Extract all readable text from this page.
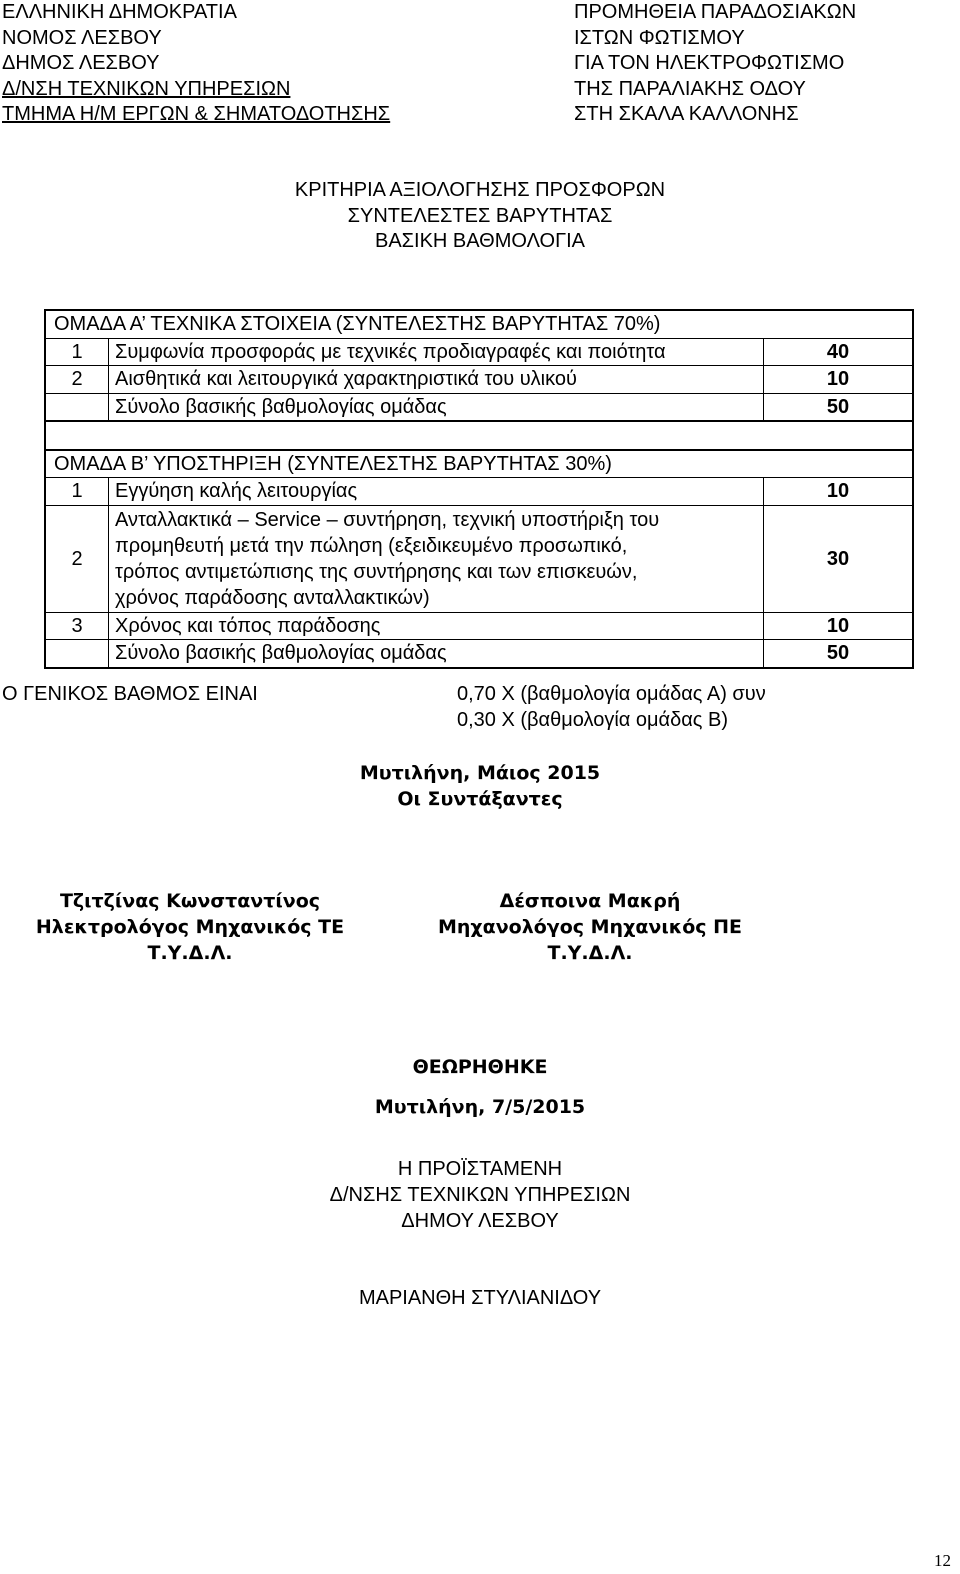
ΕΛΛΗΝΙΚΗ ΔΗΜΟΚΡΑΤΙΑ
ΝΟΜΟΣ ΛΕΣΒΟΥ
ΔΗΜΟΣ ΛΕΣΒΟΥ
Δ/ΝΣΗ ΤΕΧΝΙΚΩΝ ΥΠΗΡΕΣΙΩΝ
ΤΜΗΜΑ Η/Μ ΕΡΓΩΝ & ΣΗΜΑΤΟΔΟΤΗΣΗΣ
ΠΡΟΜΗΘΕΙΑ ΠΑΡΑΔΟΣΙΑΚΩΝ
ΙΣΤΩΝ ΦΩΤΙΣΜΟΥ
ΓΙΑ ΤΟΝ ΗΛΕΚΤΡΟΦΩΤΙΣΜΟ
ΤΗΣ ΠΑΡΑΛΙΑΚΗΣ ΟΔΟΥ
ΣΤΗ ΣΚΑΛΑ ΚΑΛΛΟΝΗΣ
ΚΡΙΤΗΡΙΑ ΑΞΙΟΛΟΓΗΣΗΣ ΠΡΟΣΦΟΡΩΝ
ΣΥΝΤΕΛΕΣΤΕΣ ΒΑΡΥΤΗΤΑΣ
ΒΑΣΙΚΗ ΒΑΘΜΟΛΟΓΙΑ
ΟΜΑΔΑ Α’ ΤΕΧΝΙΚΑ ΣΤΟΙΧΕΙΑ (ΣΥΝΤΕΛΕΣΤΗΣ ΒΑΡΥΤΗΤΑΣ 70%)		
1	Συμφωνία προσφοράς με τεχνικές προδιαγραφές και ποιότητα	40
2	Αισθητικά και λειτουργικά χαρακτηριστικά του υλικού	10
	Σύνολο βασικής βαθμολογίας ομάδας	50

ΟΜΑΔΑ Β’ ΥΠΟΣΤΗΡΙΞΗ (ΣΥΝΤΕΛΕΣΤΗΣ ΒΑΡΥΤΗΤΑΣ 30%)		
1	Εγγύηση καλής λειτουργίας	10
2	Ανταλλακτικά – Service – συντήρηση, τεχνική υποστήριξη του
προμηθευτή μετά την πώληση (εξειδικευμένο προσωπικό,
τρόπος αντιμετώπισης της συντήρησης και των επισκευών,
χρόνος παράδοσης ανταλλακτικών)	30
3	Χρόνος και τόπος παράδοσης	10
	Σύνολο βασικής βαθμολογίας ομάδας	50
Ο ΓΕΝΙΚΟΣ ΒΑΘΜΟΣ ΕΙΝΑΙ	0,70 Χ (βαθμολογία ομάδας Α) συν
0,30 Χ (βαθμολογία ομάδας Β)
Μυτιλήνη, Μάιος 2015
Οι Συντάξαντες
Τζιτζίνας Κωνσταντίνος
Ηλεκτρολόγος Μηχανικός ΤΕ
Τ.Υ.Δ.Λ.
Δέσποινα Μακρή
Μηχανολόγος Μηχανικός ΠΕ
Τ.Υ.Δ.Λ.
ΘΕΩΡΗΘΗΚΕ
Μυτιλήνη, 7/5/2015
Η ΠΡΟΪΣΤΑΜΕΝΗ
Δ/ΝΣΗΣ ΤΕΧΝΙΚΩΝ ΥΠΗΡΕΣΙΩΝ
ΔΗΜΟΥ ΛΕΣΒΟΥ
ΜΑΡΙΑΝΘΗ ΣΤΥΛΙΑΝΙΔΟΥ
12
